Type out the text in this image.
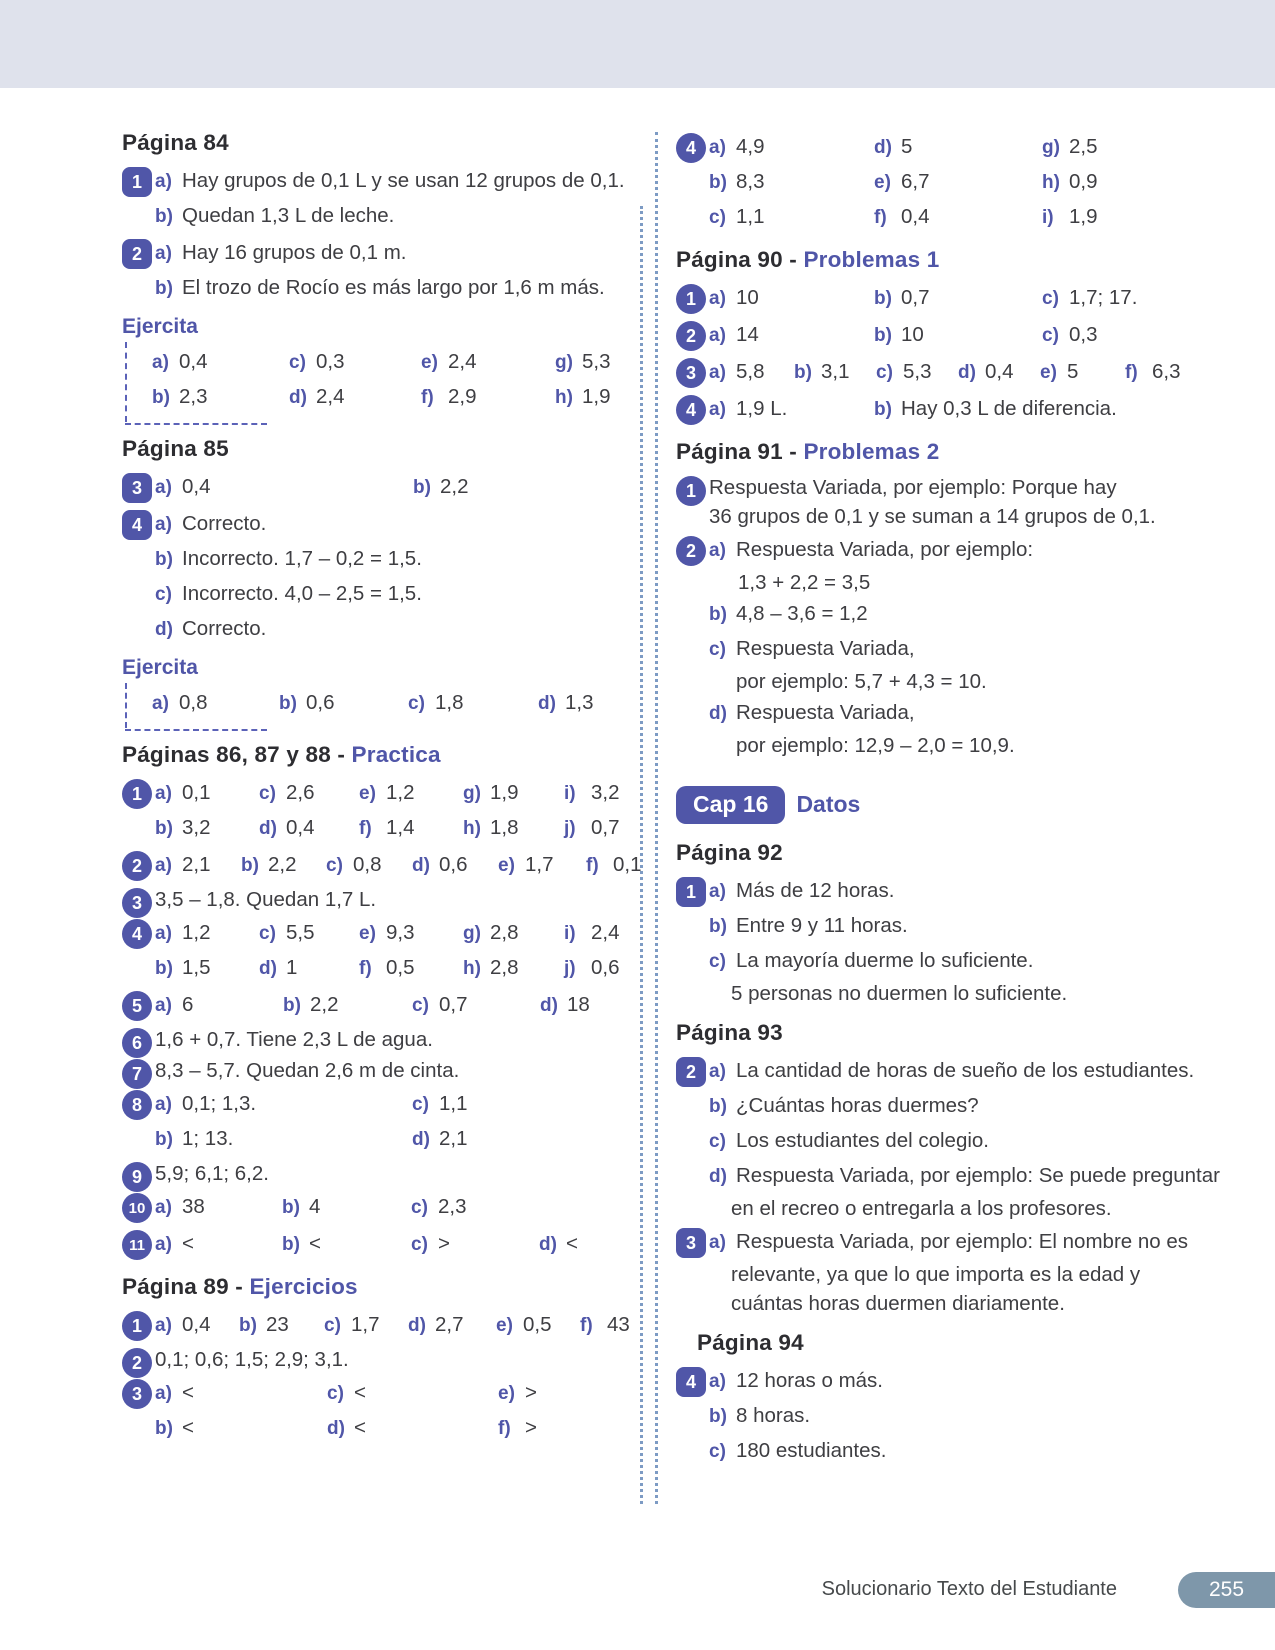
Página 84
1 a) Hay grupos de 0,1 L y se usan 12 grupos de 0,1.
b) Quedan 1,3 L de leche.
2 a) Hay 16 grupos de 0,1 m.
b) El trozo de Rocío es más largo por 1,6 m más.
Ejercita
a) 0,4	c) 0,3	e) 2,4	g) 5,3
b) 2,3	d) 2,4	f) 2,9	h) 1,9
Página 85
3 a) 0,4	b) 2,2
4 a) Correcto.
b) Incorrecto. 1,7 – 0,2 = 1,5.
c) Incorrecto. 4,0 – 2,5 = 1,5.
d) Correcto.
Ejercita
a) 0,8	b) 0,6	c) 1,8	d) 1,3
Páginas 86, 87 y 88 - Practica
1 a) 0,1	c) 2,6 e) 1,2	g) 1,9 i) 3,2
b) 3,2	d) 0,4 f) 1,4	h) 1,8 j) 0,7
2 a) 2,1 b) 2,2 c) 0,8 d) 0,6 e) 1,7 f) 0,1
3 3,5 – 1,8. Quedan 1,7 L.
4 a) 1,2	c) 5,5 e) 9,3	g) 2,8 i) 2,4
b) 1,5	d) 1	f) 0,5	h) 2,8 j) 0,6
5 a) 6	b) 2,2	c) 0,7	d) 18
6 1,6 + 0,7. Tiene 2,3 L de agua.
7 8,3 – 5,7. Quedan 2,6 m de cinta.
8 a) 0,1; 1,3.	c) 1,1
b) 1; 13.	d) 2,1
9 5,9; 6,1; 6,2.
10 a) 38	b) 4	c) 2,3
11 a) <	b) <	c) >	d) <
Página 89 - Ejercicios
1 a) 0,4 b) 23 c) 1,7 d) 2,7 e) 0,5 f) 43
2 0,1; 0,6; 1,5; 2,9; 3,1.
3 a) <	c) <	e) >
b) <	d) <	f) >
4 a) 4,9	d) 5	g) 2,5
b) 8,3	e) 6,7	h) 0,9
c) 1,1	f) 0,4	i) 1,9
Página 90 - Problemas 1
1 a) 10	b) 0,7	c) 1,7; 17.
2 a) 14	b) 10	c) 0,3
3 a) 5,8 b) 3,1 c) 5,3 d) 0,4 e) 5 f) 6,3
4 a) 1,9 L.	b) Hay 0,3 L de diferencia.
Página 91 - Problemas 2
1 Respuesta Variada, por ejemplo: Porque hay
36 grupos de 0,1 y se suman a 14 grupos de 0,1.
2 a) Respuesta Variada, por ejemplo:
1,3 + 2,2 = 3,5
b) 4,8 – 3,6 = 1,2
c) Respuesta Variada,
por ejemplo: 5,7 + 4,3 = 10.
d) Respuesta Variada,
por ejemplo: 12,9 – 2,0 = 10,9.
Cap 16 Datos
Página 92
1 a) Más de 12 horas.
b) Entre 9 y 11 horas.
c) La mayoría duerme lo suficiente.
5 personas no duermen lo suficiente.
Página 93
2 a) La cantidad de horas de sueño de los estudiantes.
b) ¿Cuántas horas duermes?
c) Los estudiantes del colegio.
d) Respuesta Variada, por ejemplo: Se puede preguntar
en el recreo o entregarla a los profesores.
3 a) Respuesta Variada, por ejemplo: El nombre no es
relevante, ya que lo que importa es la edad y
cuántas horas duermen diariamente.
Página 94
4 a) 12 horas o más.
b) 8 horas.
c) 180 estudiantes.
Solucionario Texto del Estudiante	255
